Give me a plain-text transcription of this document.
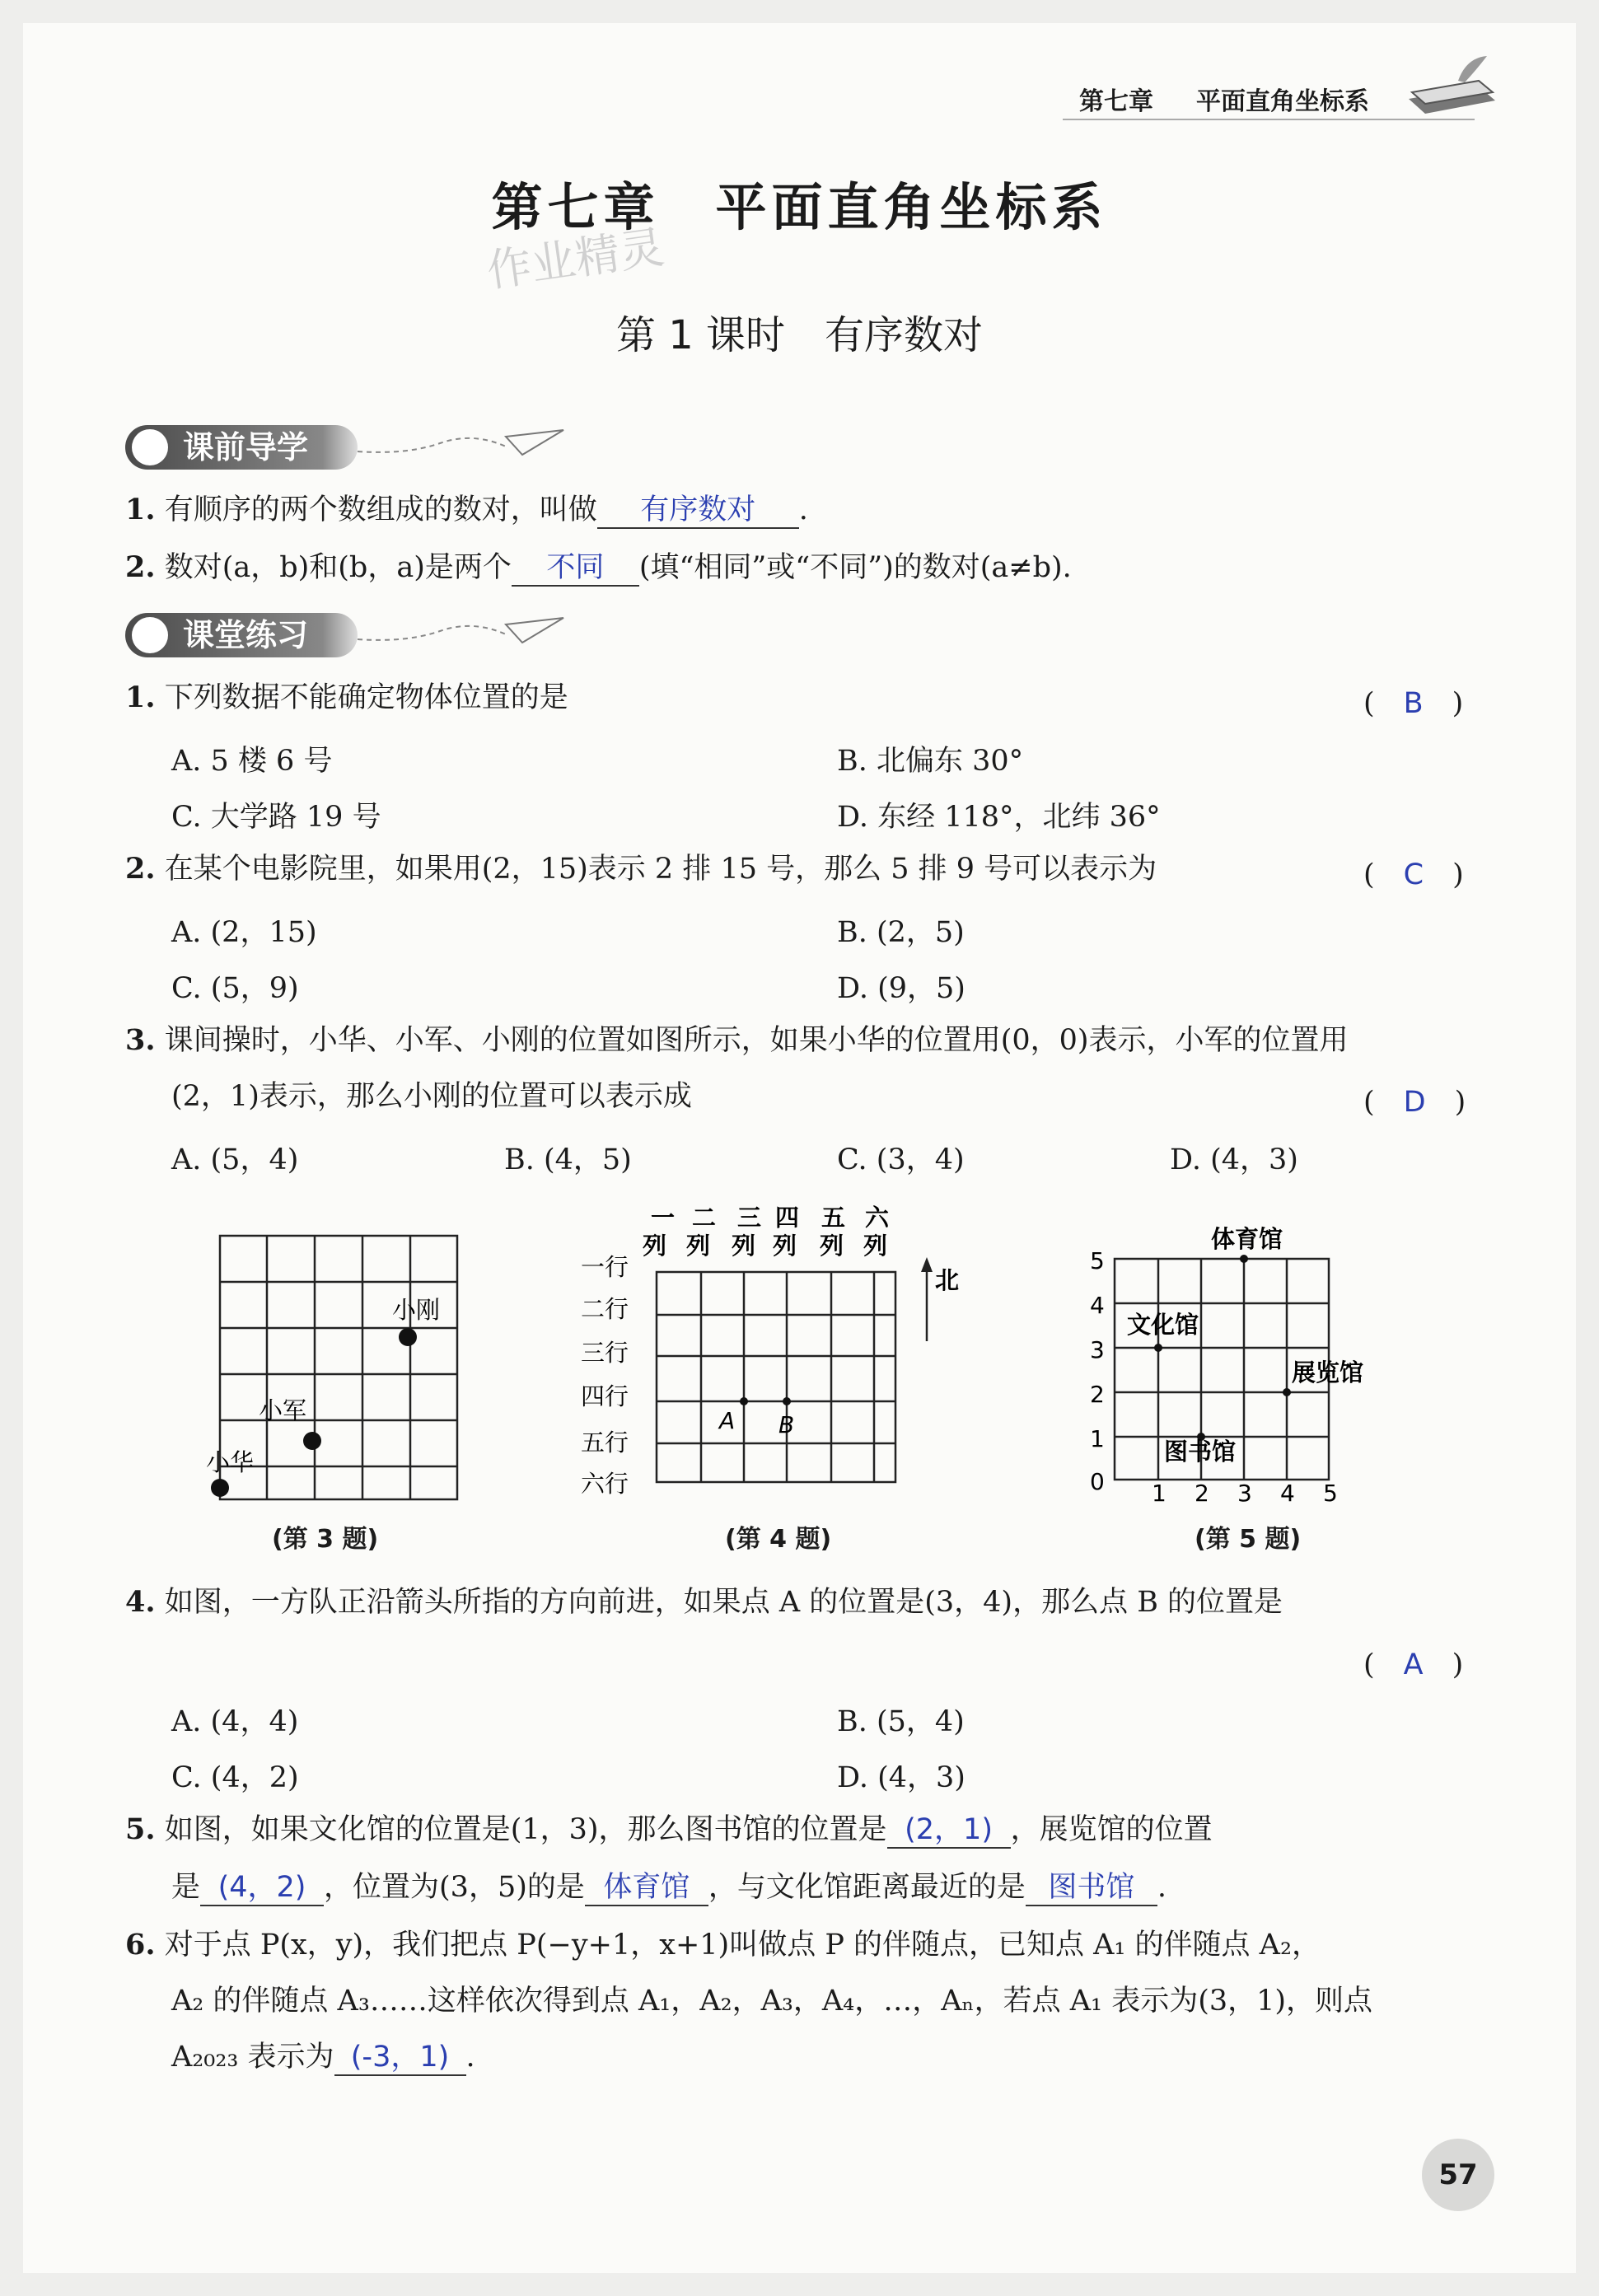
第七章 平面直角坐标系
作业精灵
第七章　平面直角坐标系
第 1 课时　有序数对
课前导学
1. 有顺序的两个数组成的数对，叫做 有序数对 .
2. 数对(a，b)和(b，a)是两个 不同 (填“相同”或“不同”)的数对(a≠b).
课堂练习
1. 下列数据不能确定物体位置的是	(　B　)
A. 5 楼 6 号	B. 北偏东 30°
C. 大学路 19 号	D. 东经 118°，北纬 36°
2. 在某个电影院里，如果用(2，15)表示 2 排 15 号，那么 5 排 9 号可以表示为	(　C　)
A. (2，15)	B. (2，5)
C. (5，9)	D. (9，5)
3. 课间操时，小华、小军、小刚的位置如图所示，如果小华的位置用(0，0)表示，小军的位置用
(2，1)表示，那么小刚的位置可以表示成	(　D　)
A. (5，4)	B. (4，5)	C. (3，4)	D. (4，3)
小刚
小军
小华
(第 3 题)
一 二 三 四 五 六
列 列 列 列 列 列
一行
二行
三行
四行
五行
六行
A B
北
(第 4 题)
5
4
3
2
1
0 1 2 3 4 5
体育馆
文化馆
展览馆
图书馆
(第 5 题)
4. 如图，一方队正沿箭头所指的方向前进，如果点 A 的位置是(3，4)，那么点 B 的位置是
(　A　)
A. (4，4)	B. (5，4)
C. (4，2)	D. (4，3)
5. 如图，如果文化馆的位置是(1，3)，那么图书馆的位置是 (2，1) ，展览馆的位置
是 (4，2) ，位置为(3，5)的是 体育馆 ，与文化馆距离最近的是 图书馆 .
6. 对于点 P(x，y)，我们把点 P(−y+1，x+1)叫做点 P 的伴随点，已知点 A₁ 的伴随点 A₂，
A₂ 的伴随点 A₃……这样依次得到点 A₁，A₂，A₃，A₄，…，Aₙ，若点 A₁ 表示为(3，1)，则点
A₂₀₂₃ 表示为 (-3，1) .
57
